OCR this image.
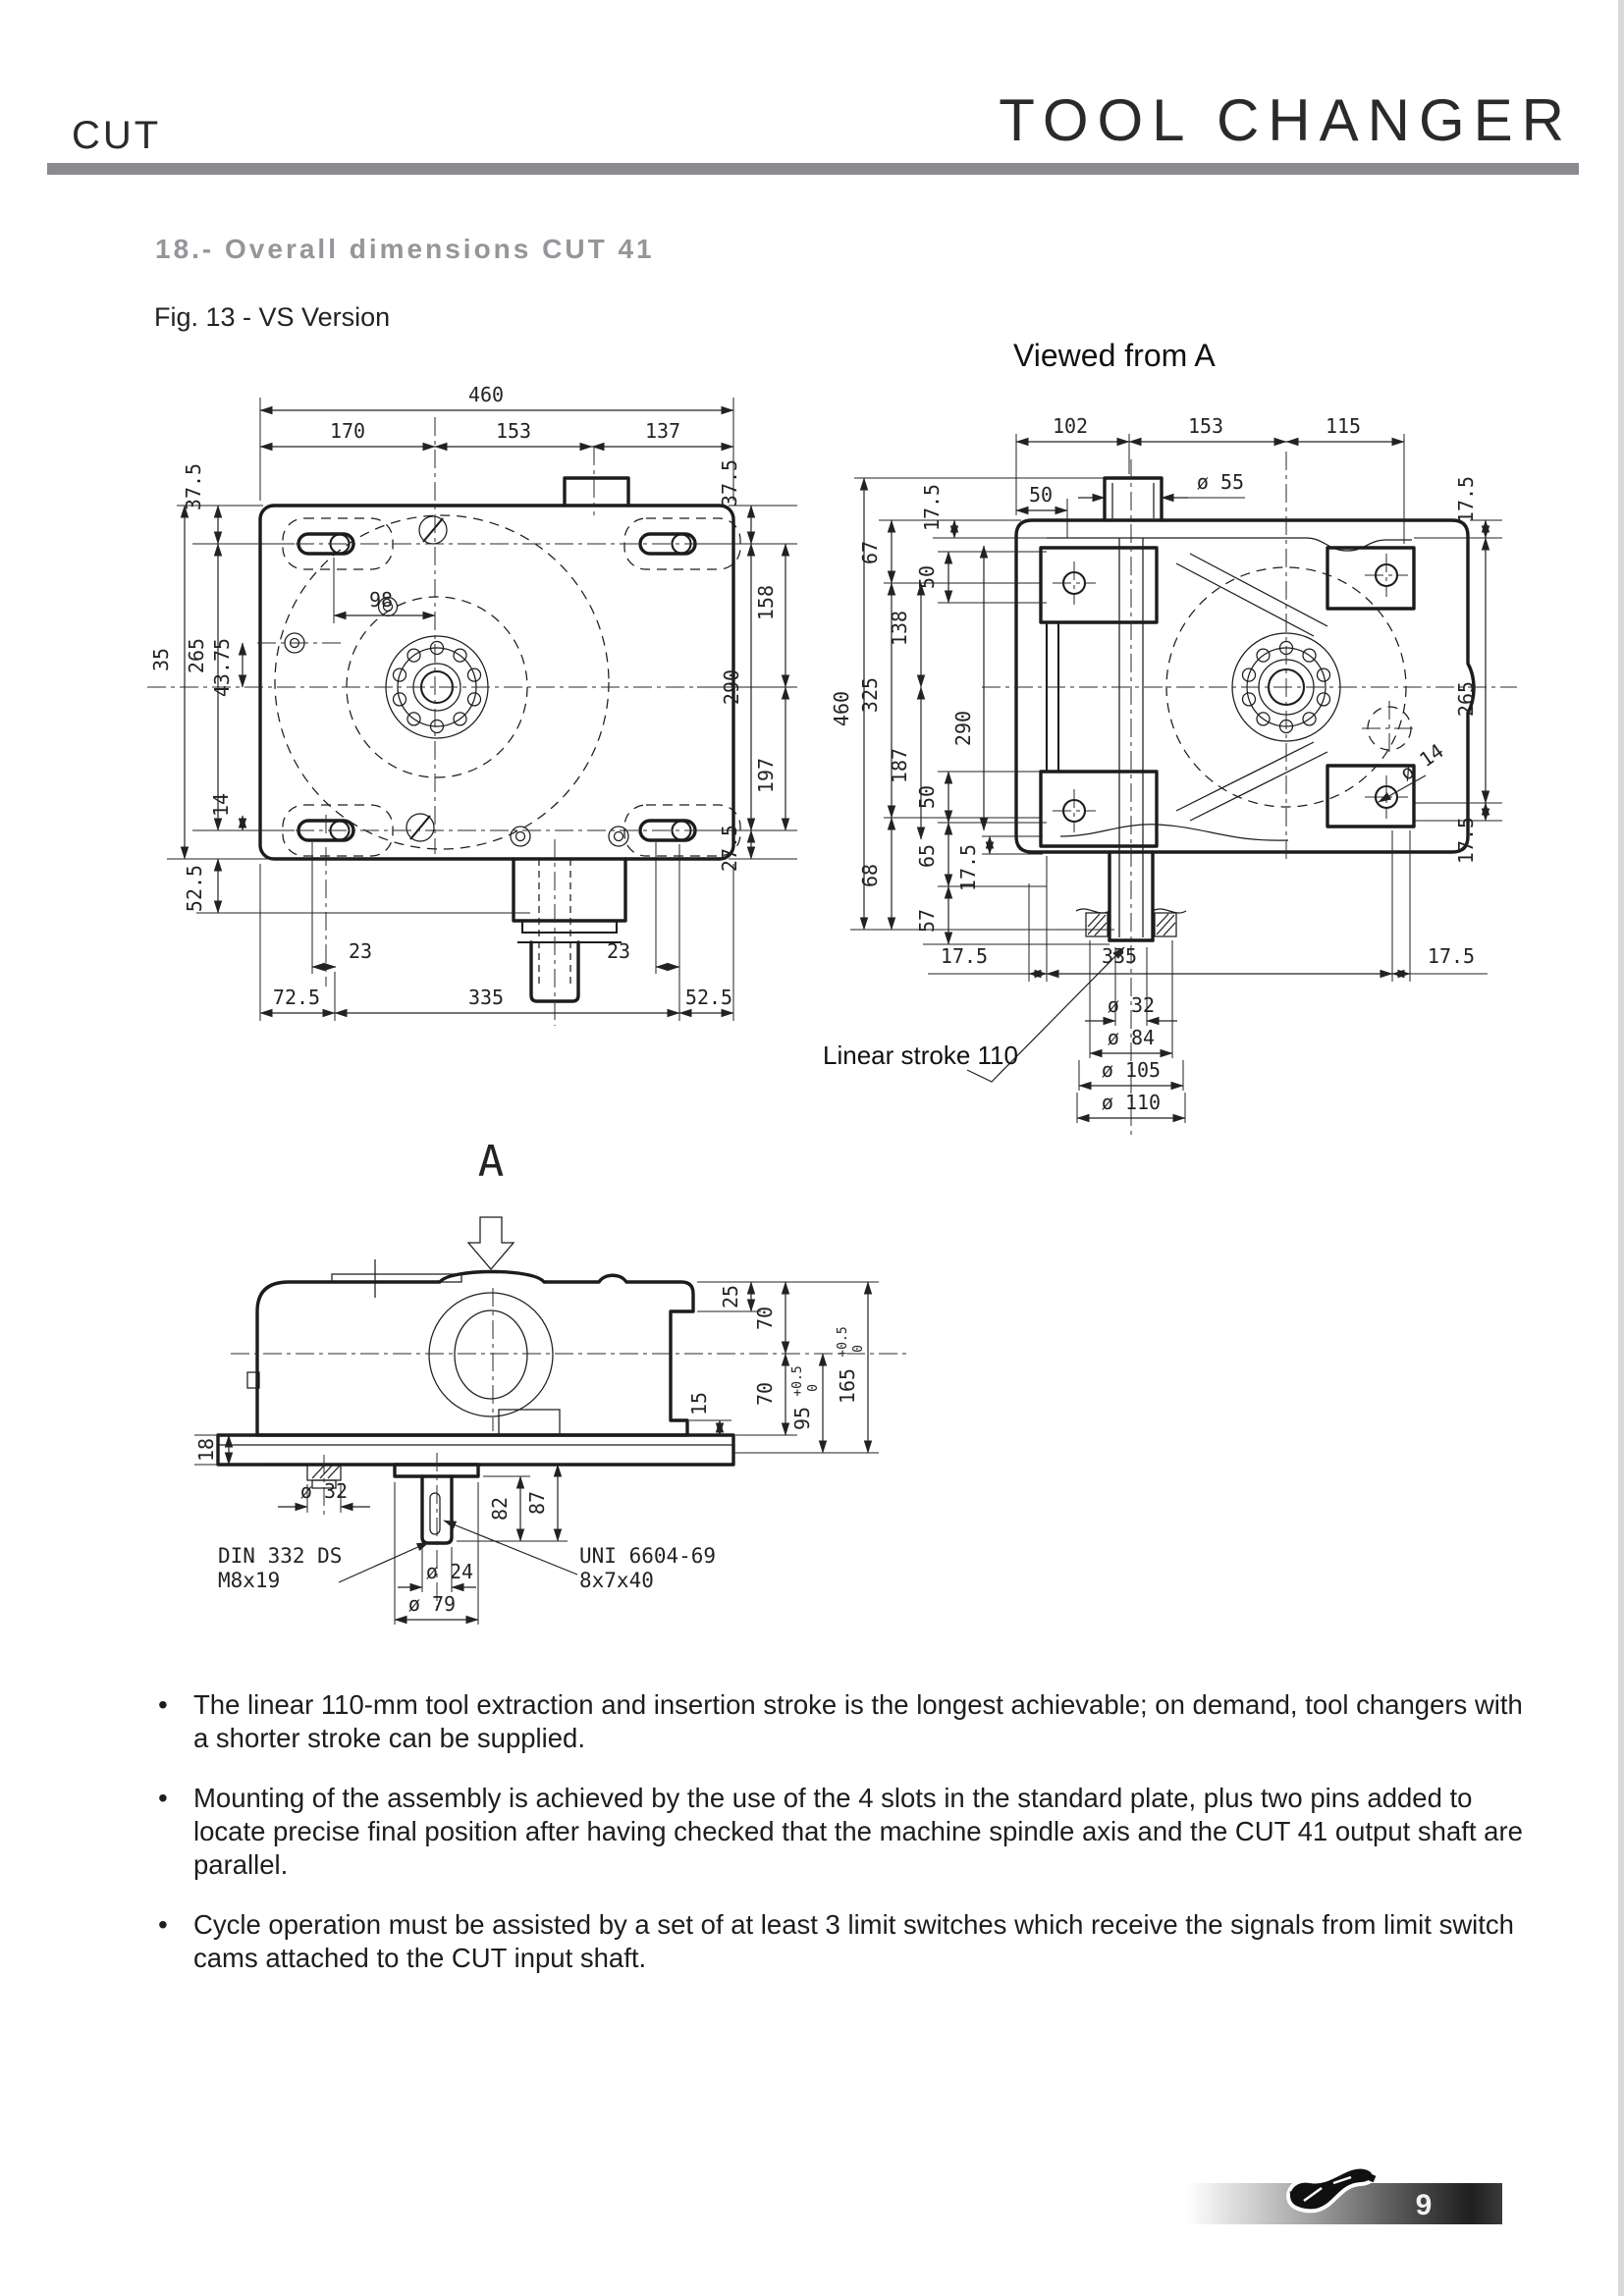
CUT	TOOL CHANGER
18.- Overall dimensions CUT 41
Fig. 13 - VS Version
Viewed from A
460
170	153	137
37.5
35 265 43.75
14
52.5
98
37.5
158
290
197
27.5
23	23
72.5	335	52.5
102	153	115
ø 55
50
17.5
67
460 325
138
50
290
187
50
68
65 17.5
57
17.5
265
17.5
ø 14
17.5	335	17.5
ø 32
ø 84
ø 105
ø 110
Linear stroke 110
A
18
ø 32
ø 24
ø 79
82 87
25
70
15 70
95
+0.5 0 165
+0.5 0
DIN 332 DS
M8x19
UNI 6604-69
8x7x40
• The linear 110-mm tool extraction and insertion stroke is the longest achievable; on demand, tool changers with a shorter stroke can be supplied.
• Mounting of the assembly is achieved by the use of the 4 slots in the standard plate, plus two pins added to locate precise final position after having checked that the machine spindle axis and the CUT 41 output shaft are parallel.
• Cycle operation must be assisted by a set of at least 3 limit switches which receive the signals from limit switch cams attached to the CUT input shaft.
9
